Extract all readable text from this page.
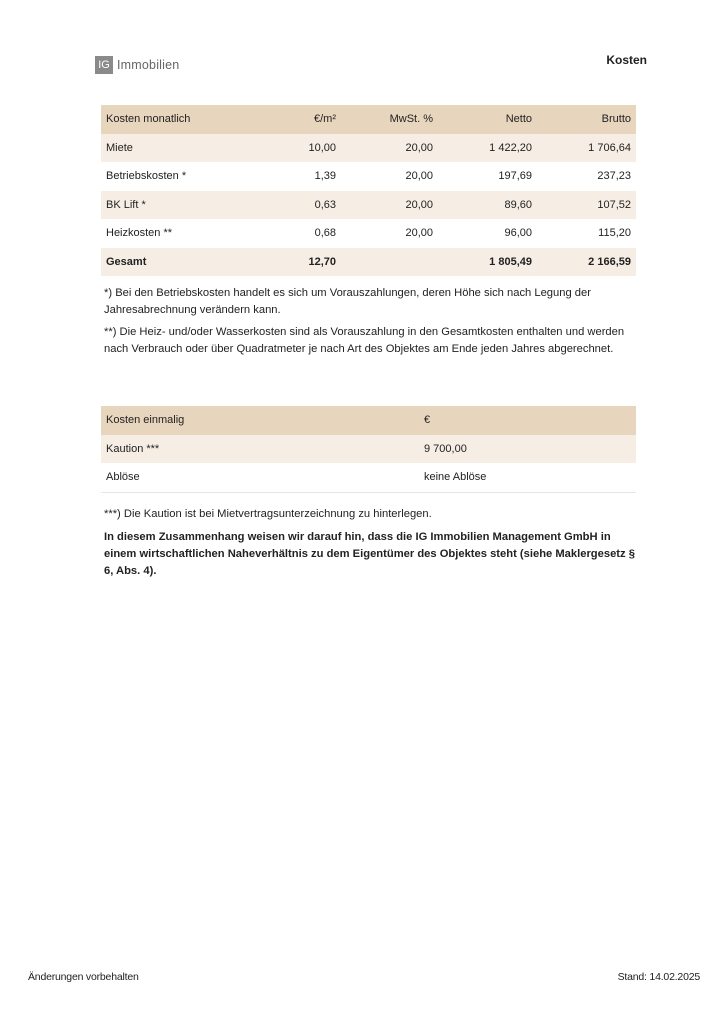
IG Immobilien	Kosten
Kosten monatlich	€/m²	MwSt. %	Netto	Brutto
Miete	10,00	20,00	1 422,20	1 706,64
Betriebskosten *	1,39	20,00	197,69	237,23
BK Lift *	0,63	20,00	89,60	107,52
Heizkosten **	0,68	20,00	96,00	115,20
Gesamt	12,70		1 805,49	2 166,59

*) Bei den Betriebskosten handelt es sich um Vorauszahlungen, deren Höhe sich nach Legung der Jahresabrechnung verändern kann.

**) Die Heiz- und/oder Wasserkosten sind als Vorauszahlung in den Gesamtkosten enthalten und werden nach Verbrauch oder über Quadratmeter je nach Art des Objektes am Ende jeden Jahres abgerechnet.

Kosten einmalig	€
Kaution ***	9 700,00
Ablöse	keine Ablöse

***) Die Kaution ist bei Mietvertragsunterzeichnung zu hinterlegen.

In diesem Zusammenhang weisen wir darauf hin, dass die IG Immobilien Management GmbH in einem wirtschaftlichen Naheverhältnis zu dem Eigentümer des Objektes steht (siehe Maklergesetz § 6, Abs. 4).

Änderungen vorbehalten	Stand: 14.02.2025
